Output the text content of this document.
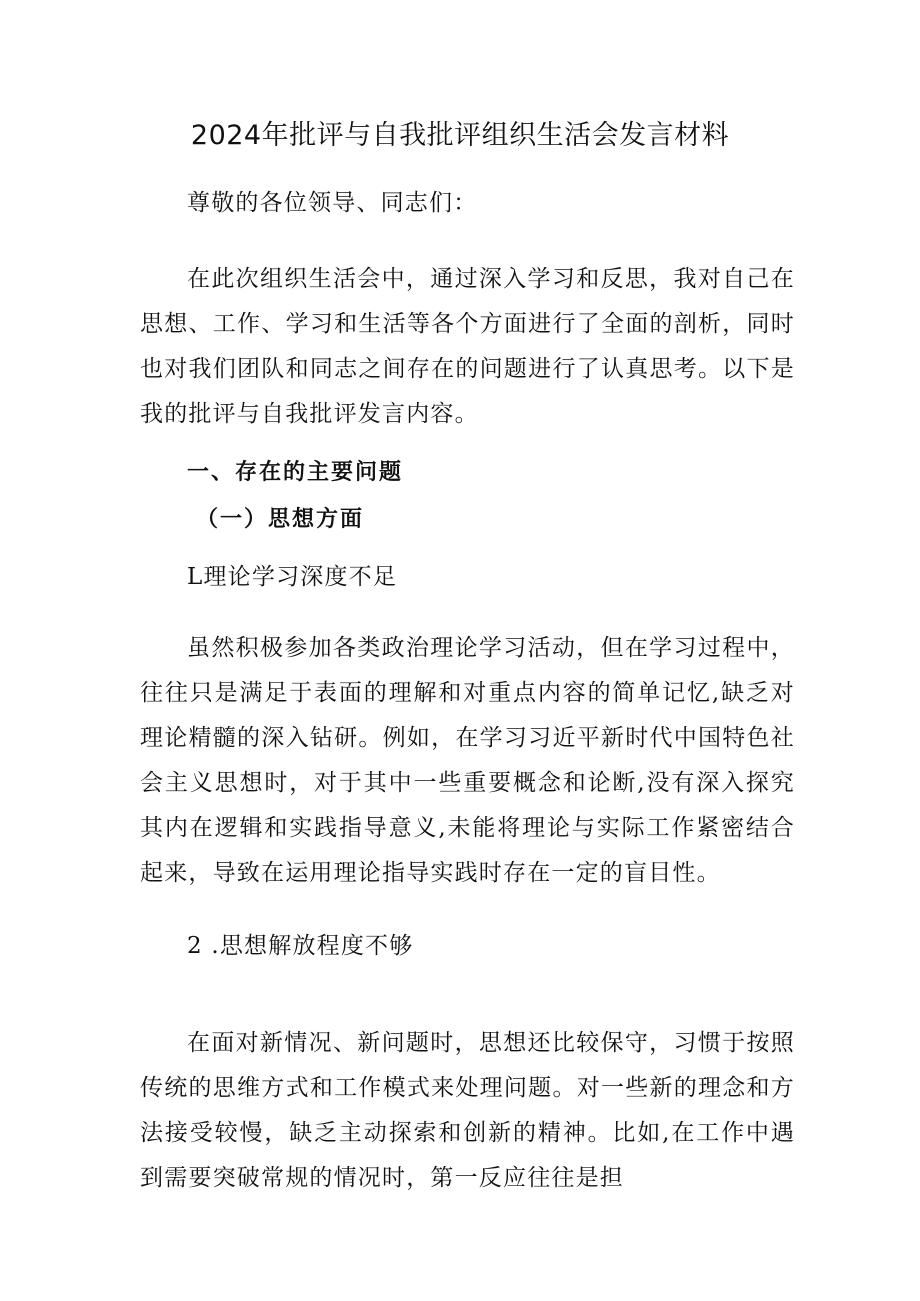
2024年批评与自我批评组织生活会发言材料
尊敬的各位领导、同志们：

在此次组织生活会中，通过深入学习和反思，我对自己在思想、工作、学习和生活等各个方面进行了全面的剖析，同时也对我们团队和同志之间存在的问题进行了认真思考。以下是我的批评与自我批评发言内容。

一、存在的主要问题
（一）思想方面
L理论学习深度不足

虽然积极参加各类政治理论学习活动，但在学习过程中，往往只是满足于表面的理解和对重点内容的简单记忆,缺乏对理论精髓的深入钻研。例如，在学习习近平新时代中国特色社会主义思想时，对于其中一些重要概念和论断,没有深入探究其内在逻辑和实践指导意义,未能将理论与实际工作紧密结合起来，导致在运用理论指导实践时存在一定的盲目性。

2 .思想解放程度不够

在面对新情况、新问题时，思想还比较保守，习惯于按照传统的思维方式和工作模式来处理问题。对一些新的理念和方法接受较慢，缺乏主动探索和创新的精神。比如,在工作中遇到需要突破常规的情况时，第一反应往往是担
